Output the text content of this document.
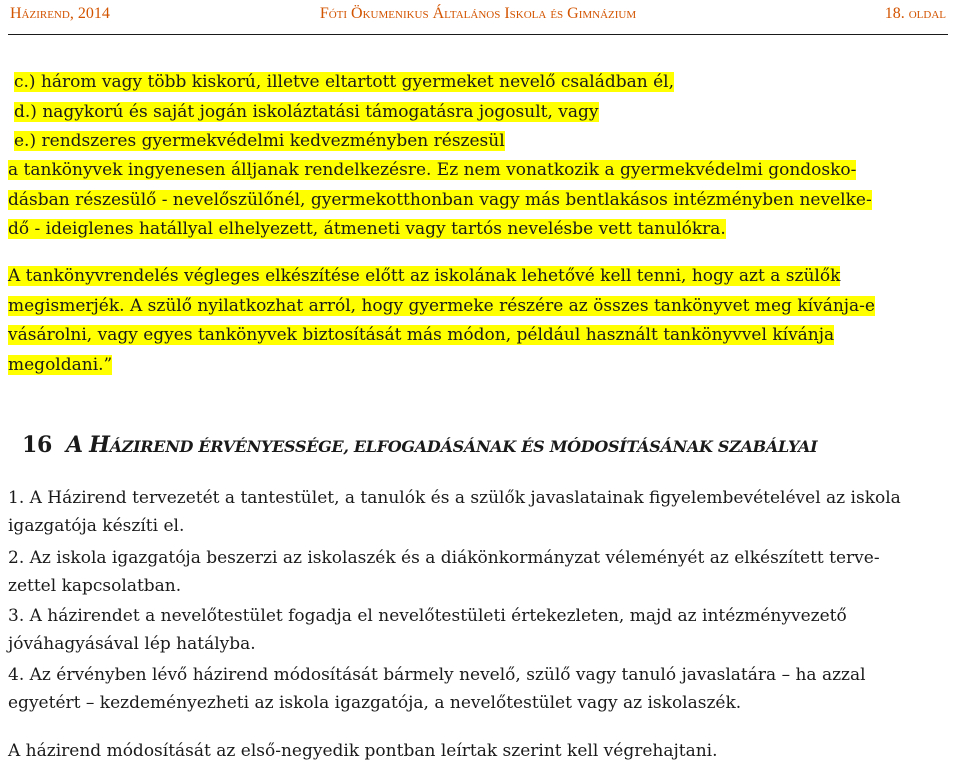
Házirend, 2014	Fóti Ökumenikus Általános Iskola és Gimnázium	18. oldal
c.) három vagy több kiskorú, illetve eltartott gyermeket nevelő családban él,
d.) nagykorú és saját jogán iskoláztatási támogatásra jogosult, vagy
e.) rendszeres gyermekvédelmi kedvezményben részesül
a tankönyvek ingyenesen álljanak rendelkezésre. Ez nem vonatkozik a gyermekvédelmi gondosko-
dásban részesülő - nevelőszülőnél, gyermekotthonban vagy más bentlakásos intézményben nevelke-
dő - ideiglenes hatállyal elhelyezett, átmeneti vagy tartós nevelésbe vett tanulókra.
A tankönyvrendelés végleges elkészítése előtt az iskolának lehetővé kell tenni, hogy azt a szülők
megismerjék. A szülő nyilatkozhat arról, hogy gyermeke részére az összes tankönyvet meg kívánja-e
vásárolni, vagy egyes tankönyvek biztosítását más módon, például használt tankönyvvel kívánja
megoldani.”
16 A HÁZIREND ÉRVÉNYESSÉGE, ELFOGADÁSÁNAK ÉS MÓDOSÍTÁSÁNAK SZABÁLYAI
1. A Házirend tervezetét a tantestület, a tanulók és a szülők javaslatainak figyelembevételével az iskola
igazgatója készíti el.
2. Az iskola igazgatója beszerzi az iskolaszék és a diákönkormányzat véleményét az elkészített terve-
zettel kapcsolatban.
3. A házirendet a nevelőtestület fogadja el nevelőtestületi értekezleten, majd az intézményvezető
jóváhagyásával lép hatályba.
4. Az érvényben lévő házirend módosítását bármely nevelő, szülő vagy tanuló javaslatára – ha azzal
egyetért – kezdeményezheti az iskola igazgatója, a nevelőtestület vagy az iskolaszék.
A házirend módosítását az első-negyedik pontban leírtak szerint kell végrehajtani.
